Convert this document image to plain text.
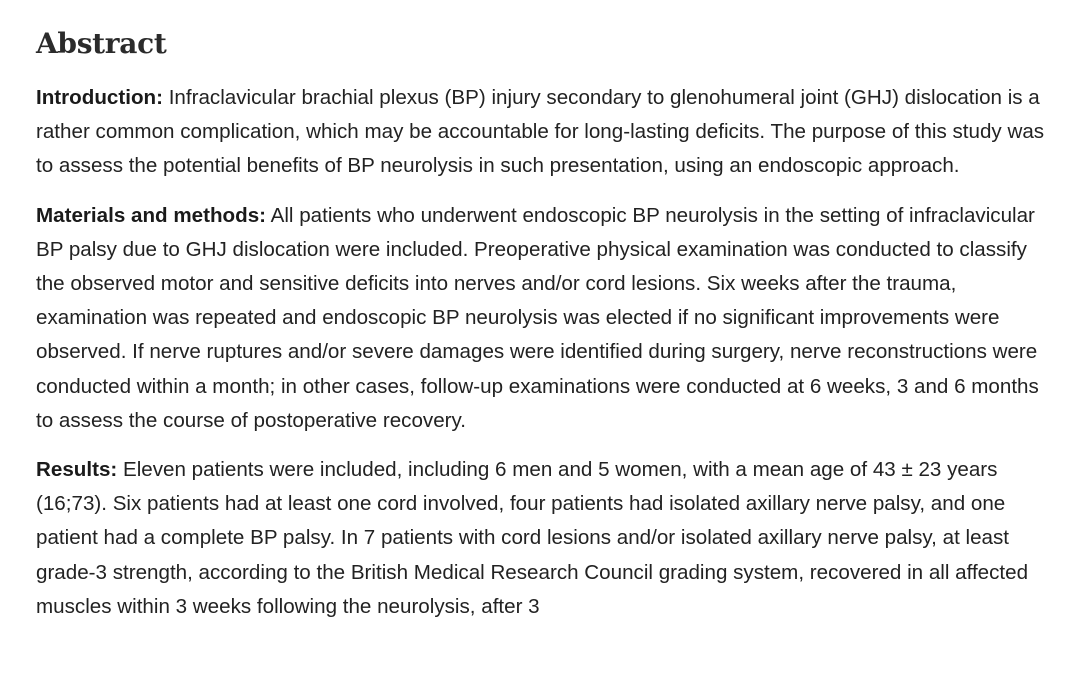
Abstract

Introduction: Infraclavicular brachial plexus (BP) injury secondary to glenohumeral joint (GHJ) dislocation is a rather common complication, which may be accountable for long-lasting deficits. The purpose of this study was to assess the potential benefits of BP neurolysis in such presentation, using an endoscopic approach.

Materials and methods: All patients who underwent endoscopic BP neurolysis in the setting of infraclavicular BP palsy due to GHJ dislocation were included. Preoperative physical examination was conducted to classify the observed motor and sensitive deficits into nerves and/or cord lesions. Six weeks after the trauma, examination was repeated and endoscopic BP neurolysis was elected if no significant improvements were observed. If nerve ruptures and/or severe damages were identified during surgery, nerve reconstructions were conducted within a month; in other cases, follow-up examinations were conducted at 6 weeks, 3 and 6 months to assess the course of postoperative recovery.

Results: Eleven patients were included, including 6 men and 5 women, with a mean age of 43 ± 23 years (16;73). Six patients had at least one cord involved, four patients had isolated axillary nerve palsy, and one patient had a complete BP palsy. In 7 patients with cord lesions and/or isolated axillary nerve palsy, at least grade-3 strength, according to the British Medical Research Council grading system, recovered in all affected muscles within 3 weeks following the neurolysis, after 3
